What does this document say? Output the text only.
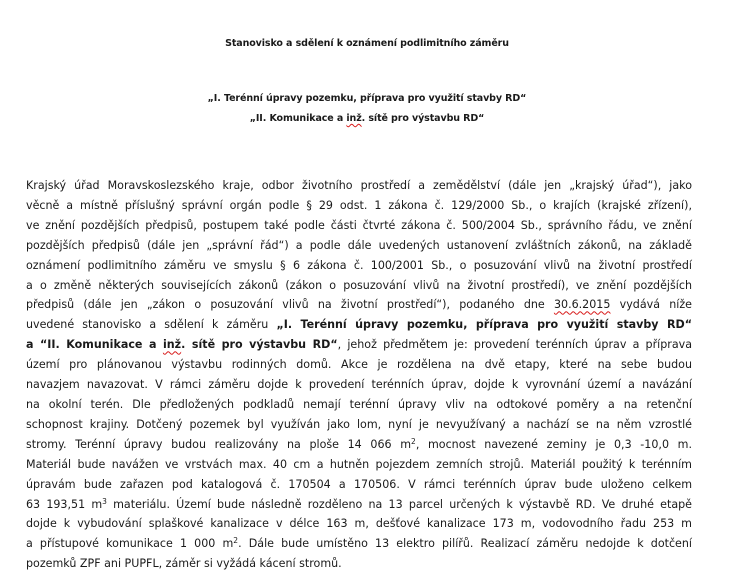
Stanovisko a sdělení k oznámení podlimitního záměru
„I. Terénní úpravy pozemku, příprava pro využití stavby RD“
„II. Komunikace a inž. sítě pro výstavbu RD“
Krajský úřad Moravskoslezského kraje, odbor životního prostředí a zemědělství (dále jen „krajský úřad“), jako
věcně a místně příslušný správní orgán podle § 29 odst. 1 zákona č. 129/2000 Sb., o krajích (krajské zřízení),
ve znění pozdějších předpisů, postupem také podle části čtvrté zákona č. 500/2004 Sb., správního řádu, ve znění
pozdějších předpisů (dále jen „správní řád“) a podle dále uvedených ustanovení zvláštních zákonů, na základě
oznámení podlimitního záměru ve smyslu § 6 zákona č. 100/2001 Sb., o posuzování vlivů na životní prostředí
a o změně některých souvisejících zákonů (zákon o posuzování vlivů na životní prostředí), ve znění pozdějších
předpisů (dále jen „zákon o posuzování vlivů na životní prostředí“), podaného dne 30.6.2015 vydává níže
uvedené stanovisko a sdělení k záměru „I. Terénní úpravy pozemku, příprava pro využití stavby RD“
a “II. Komunikace a inž. sítě pro výstavbu RD“, jehož předmětem je: provedení terénních úprav a příprava
území pro plánovanou výstavbu rodinných domů. Akce je rozdělena na dvě etapy, které na sebe budou
navazjem navazovat. V rámci záměru dojde k provedení terénních úprav, dojde k vyrovnání území a navázání
na okolní terén. Dle předložených podkladů nemají terénní úpravy vliv na odtokové poměry a na retenční
schopnost krajiny. Dotčený pozemek byl využíván jako lom, nyní je nevyužívaný a nachází se na něm vzrostlé
stromy. Terénní úpravy budou realizovány na ploše 14 066 $m^2$, mocnost navezené zeminy je 0,3 -10,0 m.
Materiál bude navážen ve vrstvách max. 40 cm a hutněn pojezdem zemních strojů. Materiál použitý k terénním
úpravám bude zařazen pod katalogová č. 170504 a 170506. V rámci terénních úprav bude uloženo celkem
63 193,51 $m^3$ materiálu. Území bude následně rozděleno na 13 parcel určených k výstavbě RD. Ve druhé etapě
dojde k vybudování splaškové kanalizace v délce 163 m, dešťové kanalizace 173 m, vodovodního řadu 253 m
a přístupové komunikace 1 000 $m^2$. Dále bude umístěno 13 elektro pilířů. Realizací záměru nedojde k dotčení
pozemků ZPF ani PUPFL, záměr si vyžádá kácení stromů.
